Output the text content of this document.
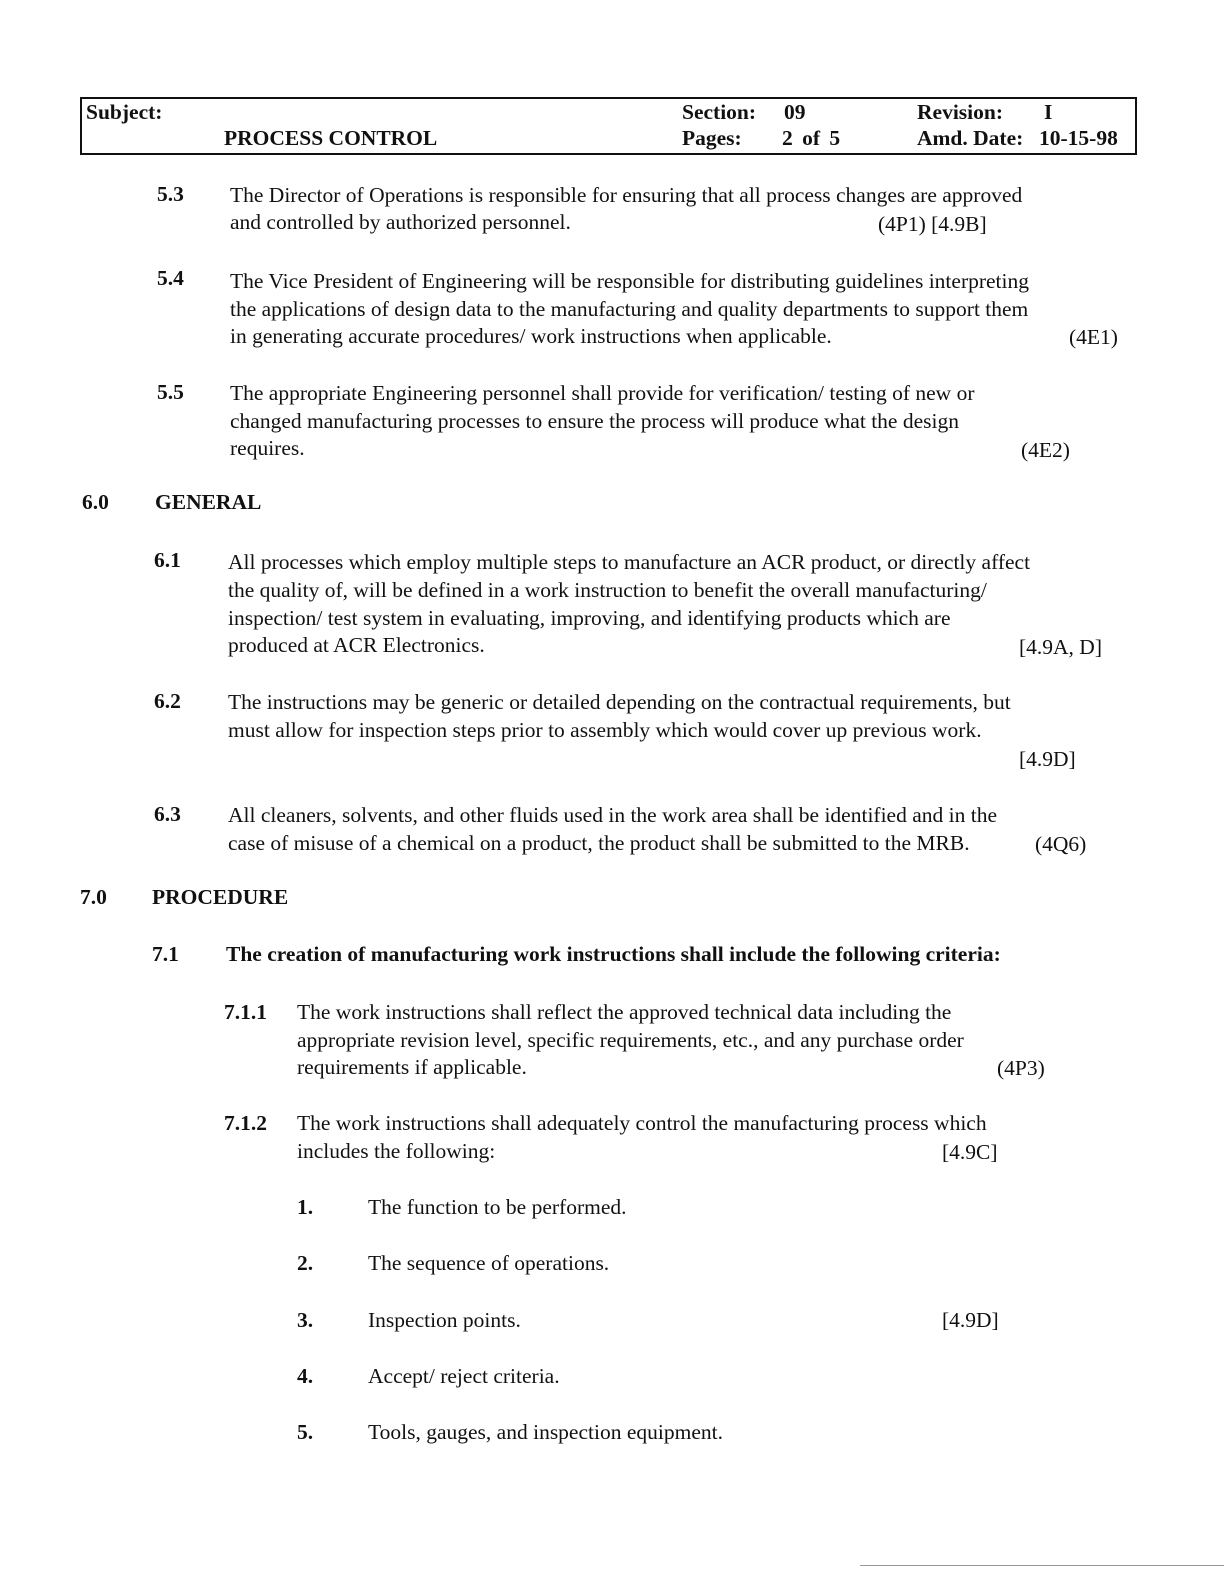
Subject:
PROCESS CONTROL
Section: 09
Pages: 2 of 5
Revision: I
Amd. Date: 10-15-98
5.3 The Director of Operations is responsible for ensuring that all process changes are approved
and controlled by authorized personnel.	(4P1) [4.9B]
5.4 The Vice President of Engineering will be responsible for distributing guidelines interpreting
the applications of design data to the manufacturing and quality departments to support them
in generating accurate procedures/ work instructions when applicable.	(4E1)
5.5 The appropriate Engineering personnel shall provide for verification/ testing of new or
changed manufacturing processes to ensure the process will produce what the design
requires.	(4E2)
6.0 GENERAL
6.1 All processes which employ multiple steps to manufacture an ACR product, or directly affect
the quality of, will be defined in a work instruction to benefit the overall manufacturing/
inspection/ test system in evaluating, improving, and identifying products which are
produced at ACR Electronics.	[4.9A, D]
6.2 The instructions may be generic or detailed depending on the contractual requirements, but
must allow for inspection steps prior to assembly which would cover up previous work.
[4.9D]
6.3 All cleaners, solvents, and other fluids used in the work area shall be identified and in the
case of misuse of a chemical on a product, the product shall be submitted to the MRB.	(4Q6)
7.0 PROCEDURE
7.1 The creation of manufacturing work instructions shall include the following criteria:
7.1.1 The work instructions shall reflect the approved technical data including the
appropriate revision level, specific requirements, etc., and any purchase order
requirements if applicable.	(4P3)
7.1.2 The work instructions shall adequately control the manufacturing process which
includes the following:	[4.9C]
1.	The function to be performed.
2.	The sequence of operations.
3.	Inspection points.	[4.9D]
4.	Accept/ reject criteria.
5.	Tools, gauges, and inspection equipment.
